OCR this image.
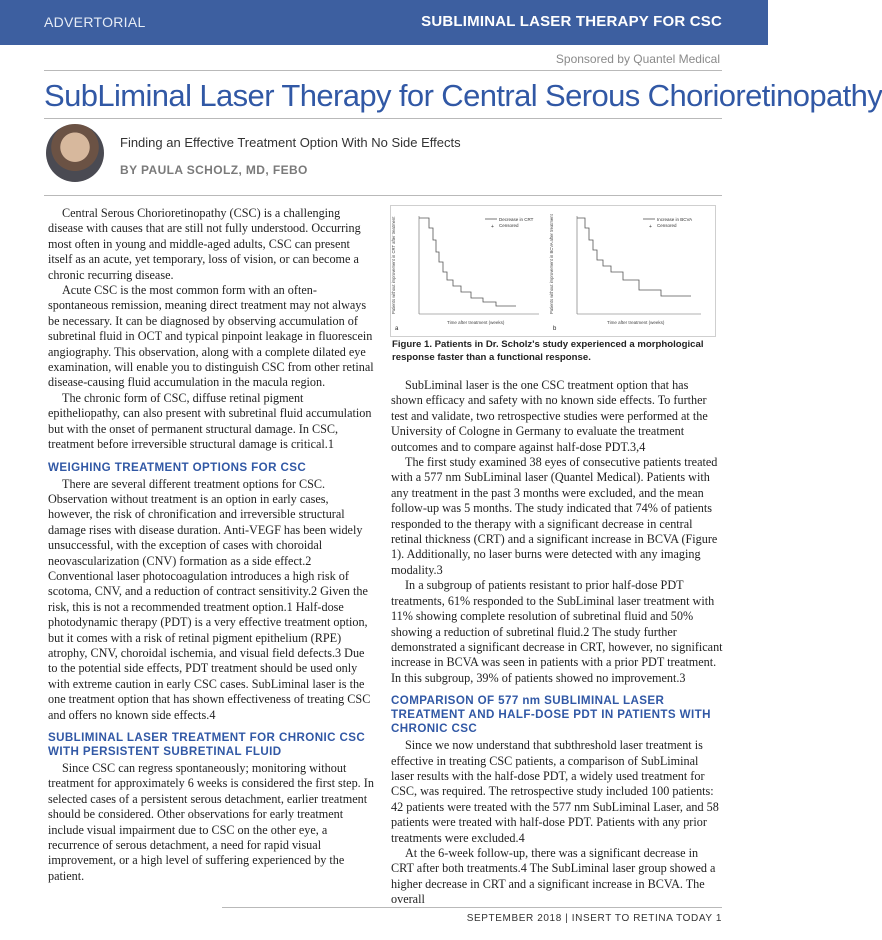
ADVERTORIAL	SUBLIMINAL LASER THERAPY FOR CSC
Sponsored by Quantel Medical
SubLiminal Laser Therapy for Central Serous Chorioretinopathy
Finding an Effective Treatment Option With No Side Effects
BY PAULA SCHOLZ, MD, FEBO

Central Serous Chorioretinopathy (CSC) is a challenging disease with causes that are still not fully understood. Occurring most often in young and middle-aged adults, CSC can present itself as an acute, yet temporary, loss of vision, or can become a chronic recurring disease.

Acute CSC is the most common form with an often-spontaneous remission, meaning direct treatment may not always be necessary. It can be diagnosed by observing accumulation of subretinal fluid in OCT and typical pinpoint leakage in fluorescein angiography. This observation, along with a complete dilated eye examination, will enable you to distinguish CSC from other retinal disease-causing fluid accumulation in the macula region.

The chronic form of CSC, diffuse retinal pigment epitheliopathy, can also present with subretinal fluid accumulation but with the onset of permanent structural damage. In CSC, treatment before irreversible structural damage is critical.1

WEIGHING TREATMENT OPTIONS FOR CSC

There are several different treatment options for CSC. Observation without treatment is an option in early cases, however, the risk of chronification and irreversible structural damage rises with disease duration. Anti-VEGF has been widely unsuccessful, with the exception of cases with choroidal neovascularization (CNV) formation as a side effect.2 Conventional laser photocoagulation introduces a high risk of scotoma, CNV, and a reduction of contract sensitivity.2 Given the risk, this is not a recommended treatment option.1 Half-dose photodynamic therapy (PDT) is a very effective treatment option, but it comes with a risk of retinal pigment epithelium (RPE) atrophy, CNV, choroidal ischemia, and visual field defects.3 Due to the potential side effects, PDT treatment should be used only with extreme caution in early CSC cases. SubLiminal laser is the one treatment option that has shown effectiveness of treating CSC and offers no known side effects.4

SUBLIMINAL LASER TREATMENT FOR CHRONIC CSC WITH PERSISTENT SUBRETINAL FLUID

Since CSC can regress spontaneously; monitoring without treatment for approximately 6 weeks is considered the first step. In selected cases of a persistent serous detachment, earlier treatment should be considered. Other observations for early treatment include visual impairment due to CSC on the other eye, a recurrence of serous detachment, a need for rapid visual improvement, or a high level of suffering experienced by the patient.

Patients without improvement in CRT after treatment
Time after treatment (weeks)
a
Decrease in CRT
+ Censored	Patients without improvement in BCVA after treatment
Time after treatment (weeks)
b
Increase in BCVA
+ Censored
Figure 1. Patients in Dr. Scholz's study experienced a morphological response faster than a functional response.

SubLiminal laser is the one CSC treatment option that has shown efficacy and safety with no known side effects. To further test and validate, two retrospective studies were performed at the University of Cologne in Germany to evaluate the treatment outcomes and to compare against half-dose PDT.3,4

The first study examined 38 eyes of consecutive patients treated with a 577 nm SubLiminal laser (Quantel Medical). Patients with any treatment in the past 3 months were excluded, and the mean follow-up was 5 months. The study indicated that 74% of patients responded to the therapy with a significant decrease in central retinal thickness (CRT) and a significant increase in BCVA (Figure 1). Additionally, no laser burns were detected with any imaging modality.3

In a subgroup of patients resistant to prior half-dose PDT treatments, 61% responded to the SubLiminal laser treatment with 11% showing complete resolution of subretinal fluid and 50% showing a reduction of subretinal fluid.2 The study further demonstrated a significant decrease in CRT, however, no significant increase in BCVA was seen in patients with a prior PDT treatment. In this subgroup, 39% of patients showed no improvement.3

COMPARISON OF 577 nm SUBLIMINAL LASER TREATMENT AND HALF-DOSE PDT IN PATIENTS WITH CHRONIC CSC

Since we now understand that subthreshold laser treatment is effective in treating CSC patients, a comparison of SubLiminal laser results with the half-dose PDT, a widely used treatment for CSC, was required. The retrospective study included 100 patients: 42 patients were treated with the 577 nm SubLiminal Laser, and 58 patients were treated with half-dose PDT. Patients with any prior treatments were excluded.4

At the 6-week follow-up, there was a significant decrease in CRT after both treatments.4 The SubLiminal laser group showed a higher decrease in CRT and a significant increase in BCVA. The overall

SEPTEMBER 2018 | INSERT TO RETINA TODAY 1
